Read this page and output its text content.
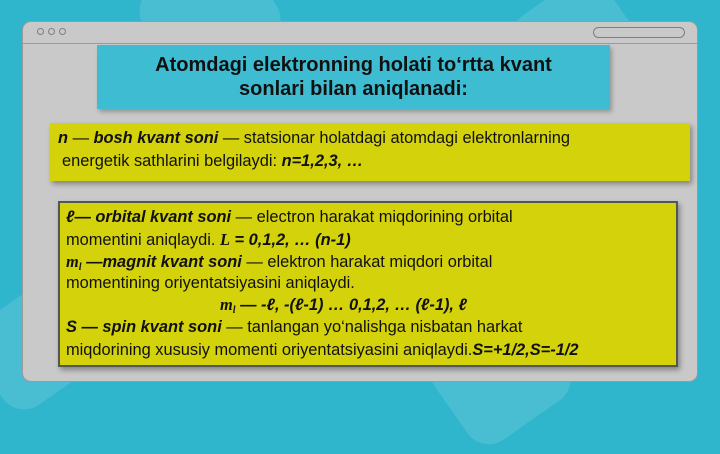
Atomdagi elektronning holati to‘rtta kvant
sonlari bilan aniqlanadi:
n — bosh kvant soni — statsionar holatdagi atomdagi elektronlarning
energetik sathlarini belgilaydi: n=1,2,3, …
ℓ— orbital kvant soni — electron harakat miqdorining orbital
momentini aniqlaydi. L = 0,1,2, … (n-1)
$m_l$ —magnit kvant soni — elektron harakat miqdori orbital
momentining oriyentatsiyasini aniqlaydi.
$m_l$ — -ℓ, -(ℓ-1) … 0,1,2, … (ℓ-1), ℓ
S — spin kvant soni — tanlangan yo‘nalishga nisbatan harkat
miqdorining xususiy momenti oriyentatsiyasini aniqlaydi.S=+1/2,S=-1/2
